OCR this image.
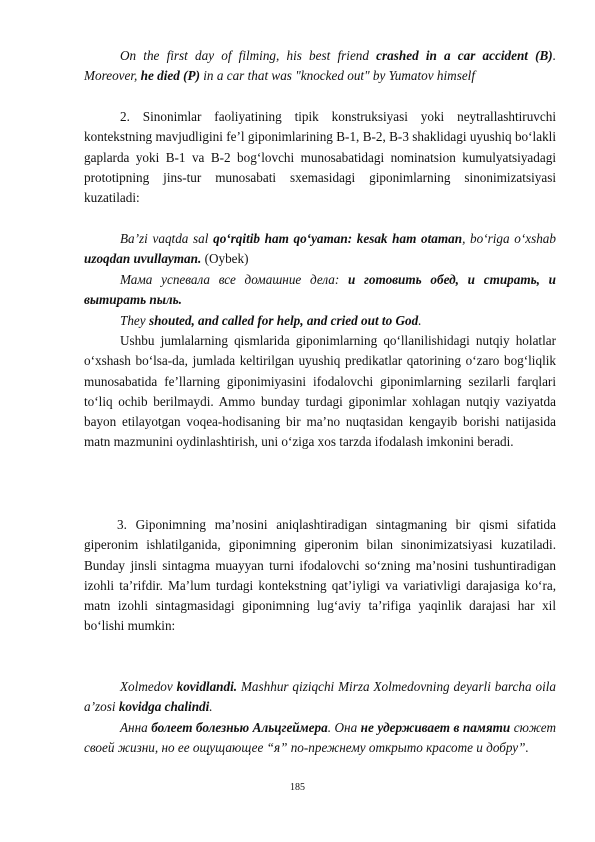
On the first day of filming, his best friend crashed in a car accident (B). Moreover, he died (P) in a car that was "knocked out" by Yumatov himself

2. Sinonimlar faoliyatining tipik konstruksiyasi yoki neytrallashtiruvchi kontekstning mavjudligini fe’l giponimlarining B-1, B-2, B-3 shaklidagi uyushiq bo‘lakli gaplarda yoki B-1 va B-2 bog‘lovchi munosabatidagi nominatsion kumulyatsiyadagi prototipning jins-tur munosabati sxemasidagi giponimlarning sinonimizatsiyasi kuzatiladi:

Ba’zi vaqtda sal qo‘rqitib ham qo‘yaman: kesak ham otaman, bo‘riga o‘xshab uzoqdan uvullayman. (Oybek)

Мама успевала все домашние дела: и готовить обед, и стирать, и вытирать пыль.

They shouted, and called for help, and cried out to God.

Ushbu jumlalarning qismlarida giponimlarning qo‘llanilishidagi nutqiy holatlar o‘xshash bo‘lsa-da, jumlada keltirilgan uyushiq predikatlar qatorining o‘zaro bog‘liqlik munosabatida fe’llarning giponimiyasini ifodalovchi giponimlarning sezilarli farqlari to‘liq ochib berilmaydi. Ammo bunday turdagi giponimlar xohlagan nutqiy vaziyatda bayon etilayotgan voqea-hodisaning bir ma’no nuqtasidan kengayib borishi natijasida matn mazmunini oydinlashtirish, uni o‘ziga xos tarzda ifodalash imkonini beradi.

3. Giponimning ma’nosini aniqlashtiradigan sintagmaning bir qismi sifatida giperonim ishlatilganida, giponimning giperonim bilan sinonimizatsiyasi kuzatiladi. Bunday jinsli sintagma muayyan turni ifodalovchi so‘zning ma’nosini tushuntiradigan izohli ta’rifdir. Ma’lum turdagi kontekstning qat’iyligi va variativligi darajasiga ko‘ra, matn izohli sintagmasidagi giponimning lug‘aviy ta’rifiga yaqinlik darajasi har xil bo‘lishi mumkin:

Xolmedov kovidlandi. Mashhur qiziqchi Mirza Xolmedovning deyarli barcha oila a’zosi kovidga chalindi.

Анна болеет болезнью Альцгеймера. Она не удерживает в памяти сюжет своей жизни, но ее ощущающее “я” по-прежнему открыто красоте и добру”.

185
